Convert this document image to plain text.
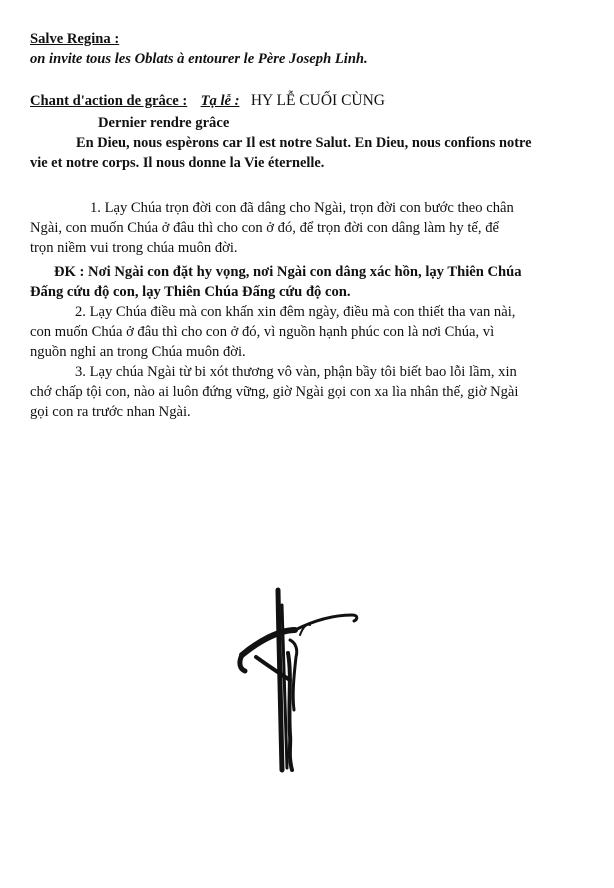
Salve Regina :
on invite tous les Oblats à entourer le Père Joseph Linh.
Chant d'action de grâce : Tạ lễ : HY LỄ CUỐI CÙNG
Dernier rendre grâce
En Dieu, nous espèrons car Il est notre Salut. En Dieu, nous confions notre
vie et notre corps. Il nous donne la Vie éternelle.
1. Lạy Chúa trọn đời con đã dâng cho Ngài, trọn đời con bước theo chân
Ngài, con muốn Chúa ở đâu thì cho con ở đó, để trọn đời con dâng làm hy tế, để
trọn niềm vui trong chúa muôn đời.
ĐK : Nơi Ngài con đặt hy vọng, nơi Ngài con dâng xác hồn, lạy Thiên Chúa
Đấng cứu độ con, lạy Thiên Chúa Đấng cứu độ con.
2. Lạy Chúa điều mà con khấn xin đêm ngày, điều mà con thiết tha van nài,
con muốn Chúa ở đâu thì cho con ở đó, vì nguồn hạnh phúc con là nơi Chúa, vì
nguồn nghỉ an trong Chúa muôn đời.
3. Lạy chúa Ngài từ bi xót thương vô vàn, phận bầy tôi biết bao lỗi lầm, xin
chớ chấp tội con, nào ai luôn đứng vững, giờ Ngài gọi con xa lìa nhân thế, giờ Ngài
gọi con ra trước nhan Ngài.
